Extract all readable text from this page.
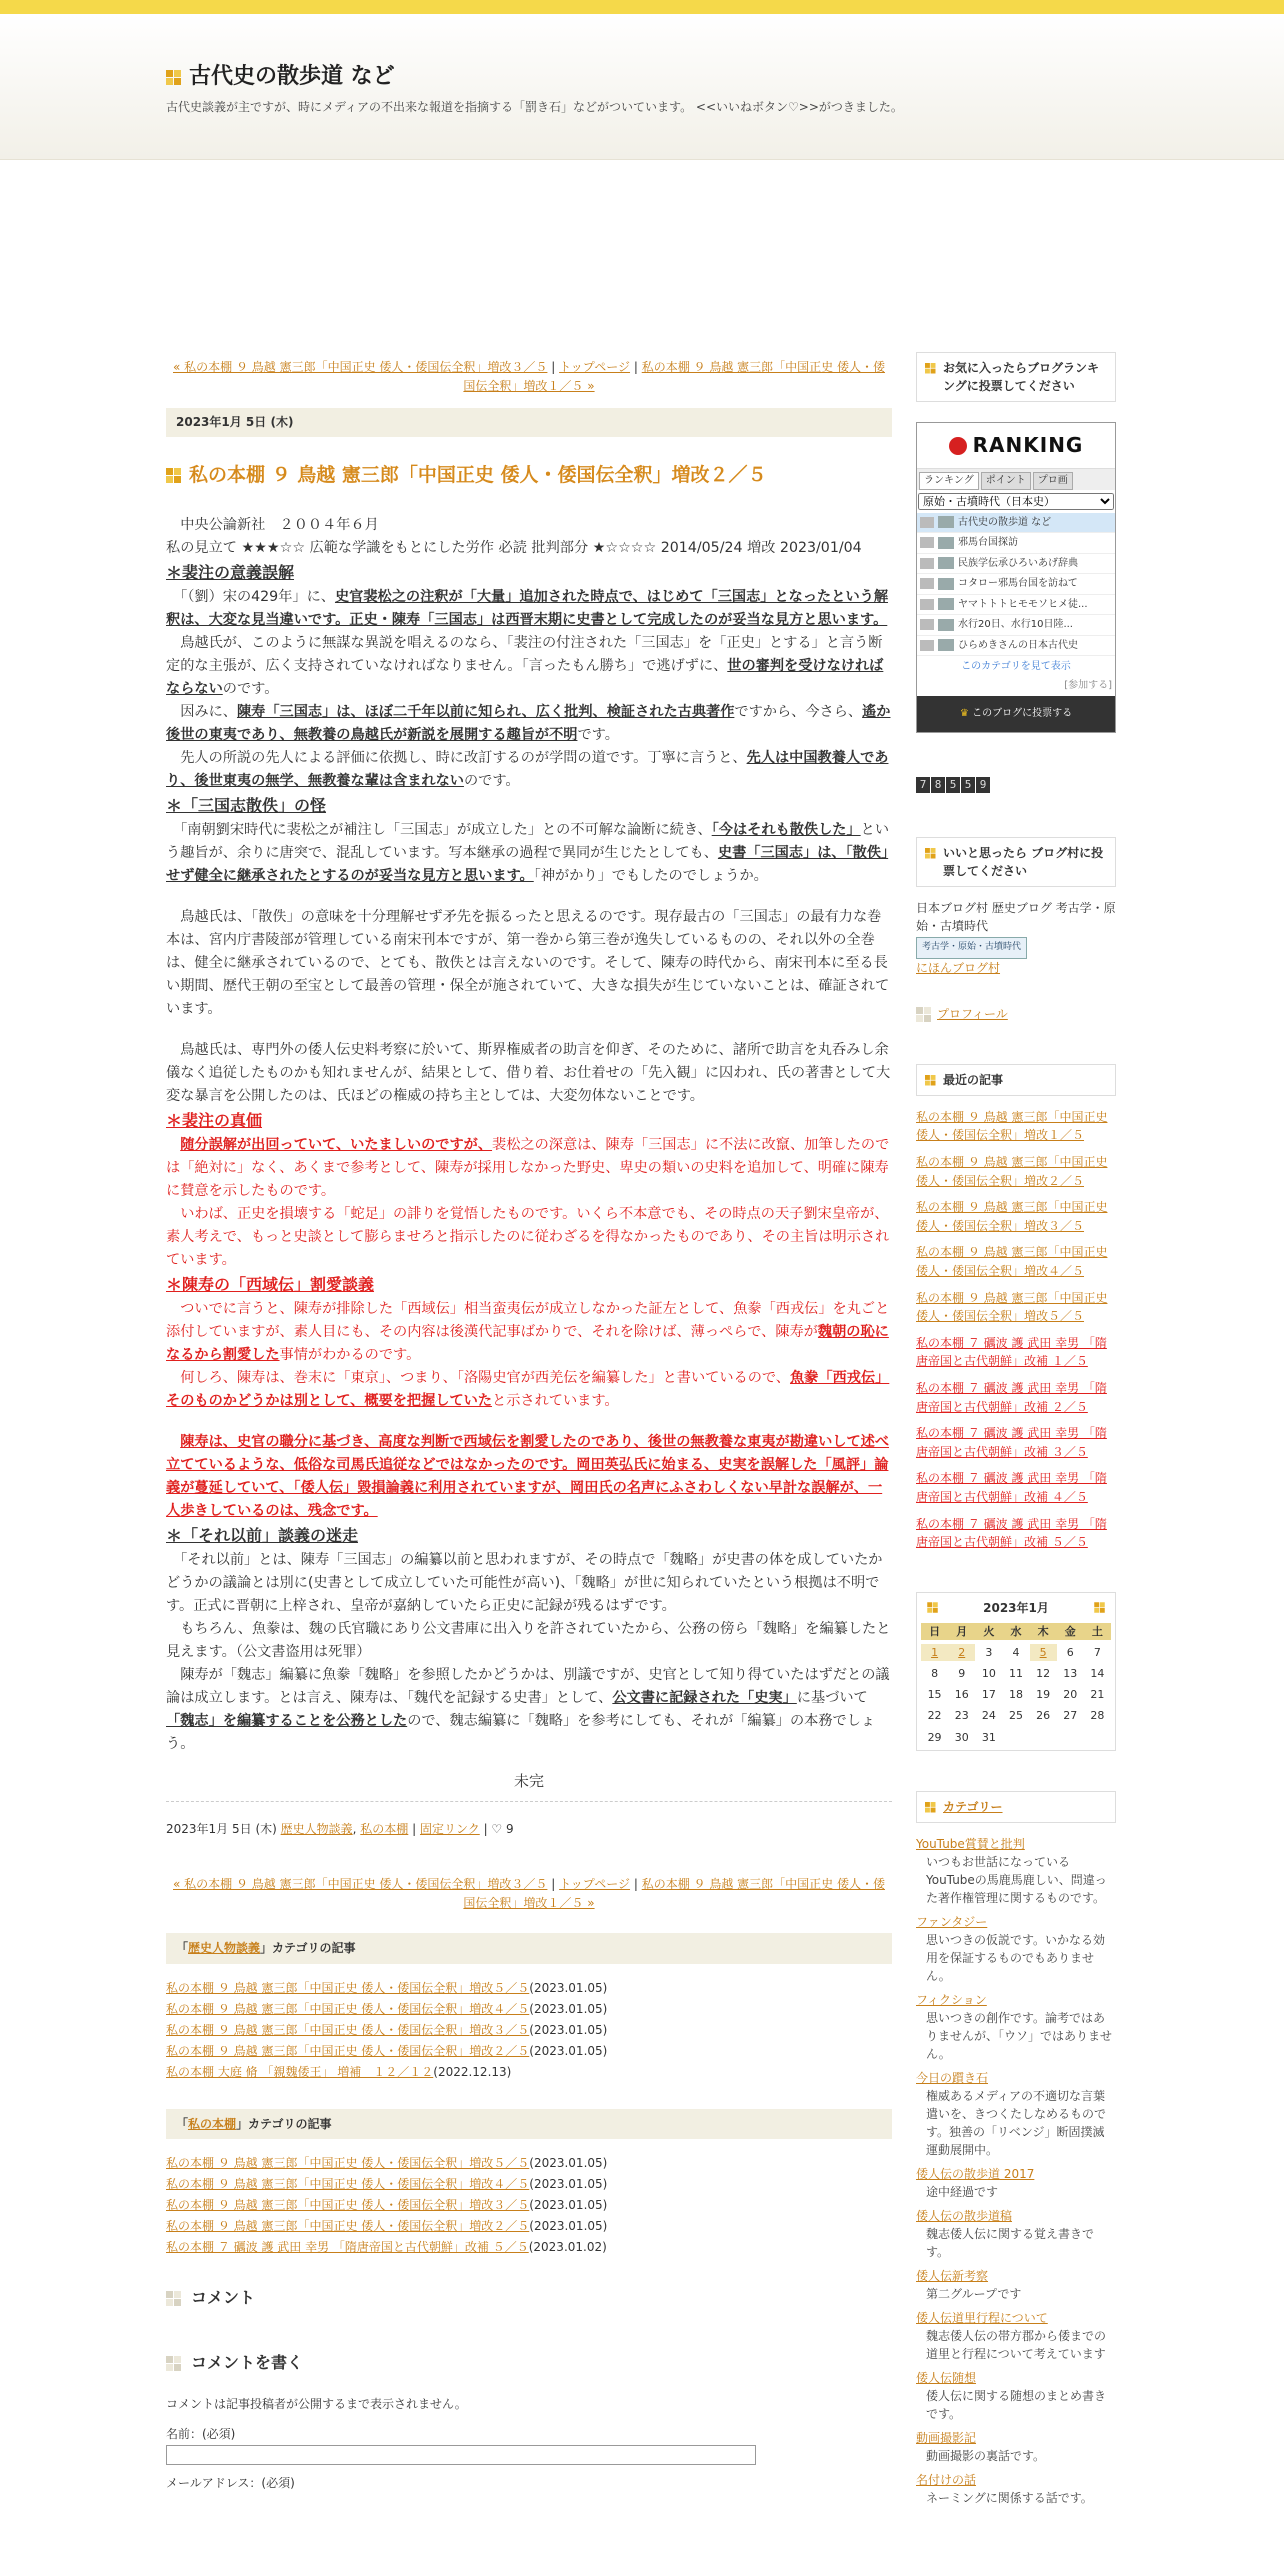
古代史の散歩道 など
古代史談義が主ですが、時にメディアの不出来な報道を指摘する「罰き石」などがついています。 <<いいねボタン♡>>がつきました。
« 私の本棚 ９ 鳥越 憲三郎「中国正史 倭人・倭国伝全釈」増改３／５ | トップページ | 私の本棚 ９ 鳥越 憲三郎「中国正史 倭人・倭国伝全釈」増改１／５ »
2023年1月 5日 (木)
私の本棚 ９ 鳥越 憲三郎「中国正史 倭人・倭国伝全釈」増改２／５

　中央公論新社　２００４年６月

私の見立て ★★★☆☆ 広範な学識をもとにした労作 必読 批判部分 ★☆☆☆☆ 2014/05/24 増改 2023/01/04

＊裴注の意義誤解

　「（劉）宋の429年」に、史官裴松之の注釈が「大量」追加された時点で、はじめて「三国志」となったという解釈は、大変な見当違いです。正史・陳寿「三国志」は西晋末期に史書として完成したのが妥当な見方と思います。

　鳥越氏が、このように無謀な異説を唱えるのなら、「裴注の付注された「三国志」を「正史」とする」と言う断定的な主張が、広く支持されていなければなりません。「言ったもん勝ち」で逃げずに、世の審判を受けなければならないのです。

　因みに、陳寿「三国志」は、ほぼ二千年以前に知られ、広く批判、検証された古典著作ですから、今さら、遙か後世の東夷であり、無教養の鳥越氏が新説を展開する趣旨が不明です。

　先人の所説の先人による評価に依拠し、時に改訂するのが学問の道です。丁寧に言うと、先人は中国教養人であり、後世東夷の無学、無教養な輩は含まれないのです。

＊「三国志散佚」の怪

　「南朝劉宋時代に裴松之が補注し「三国志」が成立した」との不可解な論断に続き、「今はそれも散佚した」という趣旨が、余りに唐突で、混乱しています。写本継承の過程で異同が生じたとしても、史書「三国志」は、「散佚」せず健全に継承されたとするのが妥当な見方と思います。「神がかり」でもしたのでしょうか。

　鳥越氏は、「散佚」の意味を十分理解せず矛先を振るったと思えるのです。現存最古の「三国志」の最有力な巻本は、宮内庁書陵部が管理している南宋刊本ですが、第一巻から第三巻が逸失しているものの、それ以外の全巻は、健全に継承されているので、とても、散佚とは言えないのです。そして、陳寿の時代から、南宋刊本に至る長い期間、歴代王朝の至宝として最善の管理・保全が施されていて、大きな損失が生じていないことは、確証されています。

　鳥越氏は、専門外の倭人伝史料考察に於いて、斯界権威者の助言を仰ぎ、そのために、諸所で助言を丸呑みし余儀なく追従したものかも知れませんが、結果として、借り着、お仕着せの「先入観」に囚われ、氏の著書として大変な暴言を公開したのは、氏ほどの権威の持ち主としては、大変勿体ないことです。

＊裴注の真価

　随分誤解が出回っていて、いたましいのですが、裴松之の深意は、陳寿「三国志」に不法に改竄、加筆したのでは「絶対に」なく、あくまで参考として、陳寿が採用しなかった野史、卑史の類いの史料を追加して、明確に陳寿に賛意を示したものです。

　いわば、正史を損壊する「蛇足」の誹りを覚悟したものです。いくら不本意でも、その時点の天子劉宋皇帝が、素人考えで、もっと史談として膨らませろと指示したのに従わざるを得なかったものであり、その主旨は明示されています。

＊陳寿の「西域伝」割愛談義

　ついでに言うと、陳寿が排除した「西域伝」相当蛮夷伝が成立しなかった証左として、魚豢「西戎伝」を丸ごと添付していますが、素人目にも、その内容は後漢代記事ばかりで、それを除けば、薄っぺらで、陳寿が魏朝の恥になるから割愛した事情がわかるのです。

　何しろ、陳寿は、巻末に「東京」、つまり、「洛陽史官が西羌伝を編纂した」と書いているので、魚豢「西戎伝」そのものかどうかは別として、概要を把握していたと示されています。

　陳寿は、史官の職分に基づき、高度な判断で西域伝を割愛したのであり、後世の無教養な東夷が勘違いして述べ立てているような、低俗な司馬氏追従などではなかったのです。岡田英弘氏に始まる、史実を誤解した「風評」論義が蔓延していて、「倭人伝」毀損論義に利用されていますが、岡田氏の名声にふさわしくない早計な誤解が、一人歩きしているのは、残念です。

＊「それ以前」談義の迷走

　「それ以前」とは、陳寿「三国志」の編纂以前と思われますが、その時点で「魏略」が史書の体を成していたかどうかの議論とは別に(史書として成立していた可能性が高い)、「魏略」が世に知られていたという根拠は不明です。正式に晋朝に上梓され、皇帝が嘉納していたら正史に記録が残るはずです。

　もちろん、魚豢は、魏の氏官職にあり公文書庫に出入りを許されていたから、公務の傍ら「魏略」を編纂したと見えます。（公文書盗用は死罪）

　陳寿が「魏志」編纂に魚豢「魏略」を参照したかどうかは、別議ですが、史官として知り得ていたはずだとの議論は成立します。とは言え、陳寿は、「魏代を記録する史書」として、公文書に記録された「史実」に基づいて「魏志」を編纂することを公務としたので、魏志編纂に「魏略」を参考にしても、それが「編纂」の本務でしょう。

未完
2023年1月 5日 (木) 歴史人物談義, 私の本棚 | 固定リンク | ♡ 9
« 私の本棚 ９ 鳥越 憲三郎「中国正史 倭人・倭国伝全釈」増改３／５ | トップページ | 私の本棚 ９ 鳥越 憲三郎「中国正史 倭人・倭国伝全釈」増改１／５ »
「歴史人物談義」カテゴリの記事
私の本棚 ９ 鳥越 憲三郎「中国正史 倭人・倭国伝全釈」増改５／５(2023.01.05)
私の本棚 ９ 鳥越 憲三郎「中国正史 倭人・倭国伝全釈」増改４／５(2023.01.05)
私の本棚 ９ 鳥越 憲三郎「中国正史 倭人・倭国伝全釈」増改３／５(2023.01.05)
私の本棚 ９ 鳥越 憲三郎「中国正史 倭人・倭国伝全釈」増改２／５(2023.01.05)
私の本棚 大庭 脩 「親魏倭王」 増補　１２／１２(2022.12.13)
「私の本棚」カテゴリの記事
私の本棚 ９ 鳥越 憲三郎「中国正史 倭人・倭国伝全釈」増改５／５(2023.01.05)
私の本棚 ９ 鳥越 憲三郎「中国正史 倭人・倭国伝全釈」増改４／５(2023.01.05)
私の本棚 ９ 鳥越 憲三郎「中国正史 倭人・倭国伝全釈」増改３／５(2023.01.05)
私の本棚 ９ 鳥越 憲三郎「中国正史 倭人・倭国伝全釈」増改２／５(2023.01.05)
私の本棚 ７ 礪波 護 武田 幸男 「隋唐帝国と古代朝鮮」改補 ５／５(2023.01.02)
コメント
コメントを書く
コメントは記事投稿者が公開するまで表示されません。
名前：(必須)
メールアドレス：(必須)
お気に入ったらブログランキングに投票してください
RANKING
ランキング	ポイント	プロ画
原始・古墳時代（日本史）
古代史の散歩道 など
邪馬台国探訪
民族学伝承ひろいあげ辞典
コタロー邪馬台国を訪ねて
ヤマトトトヒモモソヒメ徒...
水行20日、水行10日陸...
ひらめきさんの日本古代史
このカテゴリを見て表示
[参加する]
♛ このブログに投票する
7 8 5 5 9
いいと思ったら ブログ村に投票してください
日本ブログ村 歴史ブログ 考古学・原始・古墳時代
考古学・原始・古墳時代
にほんブログ村
プロフィール
最近の記事
私の本棚 ９ 鳥越 憲三郎「中国正史 倭人・倭国伝全釈」増改１／５
私の本棚 ９ 鳥越 憲三郎「中国正史 倭人・倭国伝全釈」増改２／５
私の本棚 ９ 鳥越 憲三郎「中国正史 倭人・倭国伝全釈」増改３／５
私の本棚 ９ 鳥越 憲三郎「中国正史 倭人・倭国伝全釈」増改４／５
私の本棚 ９ 鳥越 憲三郎「中国正史 倭人・倭国伝全釈」増改５／５
私の本棚 ７ 礪波 護 武田 幸男 「隋唐帝国と古代朝鮮」改補 １／５
私の本棚 ７ 礪波 護 武田 幸男 「隋唐帝国と古代朝鮮」改補 ２／５
私の本棚 ７ 礪波 護 武田 幸男 「隋唐帝国と古代朝鮮」改補 ３／５
私の本棚 ７ 礪波 護 武田 幸男 「隋唐帝国と古代朝鮮」改補 ４／５
私の本棚 ７ 礪波 護 武田 幸男 「隋唐帝国と古代朝鮮」改補 ５／５
2023年1月
日	月	火	水	木	金	土
1	2	3	4	5	6	7
8	9	10	11	12	13	14
15	16	17	18	19	20	21
22	23	24	25	26	27	28
29	30	31
カテゴリー
YouTube賞賛と批判
いつもお世話になっているYouTubeの馬鹿馬鹿しい、問違った著作権管理に関するものです。
ファンタジー
思いつきの仮説です。いかなる効用を保証するものでもありません。
フィクション
思いつきの創作です。論考ではありませんが、「ウソ」ではありません。
今日の躓き石
権威あるメディアの不適切な言葉遣いを、きつくたしなめるものです。独善の「リベンジ」断固撲滅運動展開中。
倭人伝の散歩道 2017
途中経過です
倭人伝の散歩道稿
魏志倭人伝に関する覚え書きです。
倭人伝新考察
第二グループです
倭人伝道里行程について
魏志倭人伝の帯方郡から倭までの道里と行程について考えています
倭人伝随想
倭人伝に関する随想のまとめ書きです。
動画撮影記
動画撮影の裏話です。
名付けの話
ネーミングに関係する話です。
